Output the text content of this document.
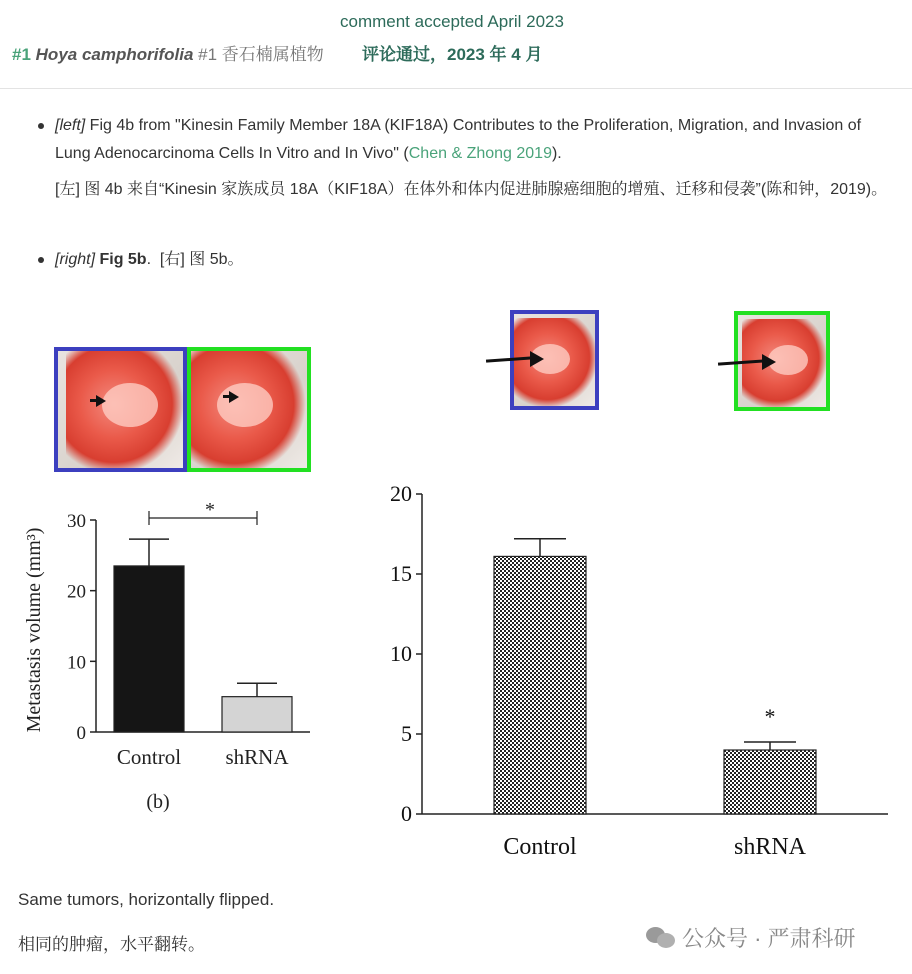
comment accepted April 2023
#1 Hoya camphorifolia #1 香石楠属植物 评论通过，2023 年 4 月
[left] Fig 4b from "Kinesin Family Member 18A (KIF18A) Contributes to the Proliferation, Migration, and Invasion of Lung Adenocarcinoma Cells In Vitro and In Vivo" (Chen & Zhong 2019).
[左] 图 4b 来自“Kinesin 家族成员 18A（KIF18A）在体外和体内促进肺腺癌细胞的增殖、迁移和侵袭”(陈和钟，2019)。
[right] Fig 5b. [右] 图 5b。
Metastasis volume (mm³)
0
10
20
30
Control shRNA
*
(b)	0
5
10
15
20
Control	shRNA
*
Same tumors, horizontally flipped.
相同的肿瘤，水平翻转。	公众号 · 严肃科研
